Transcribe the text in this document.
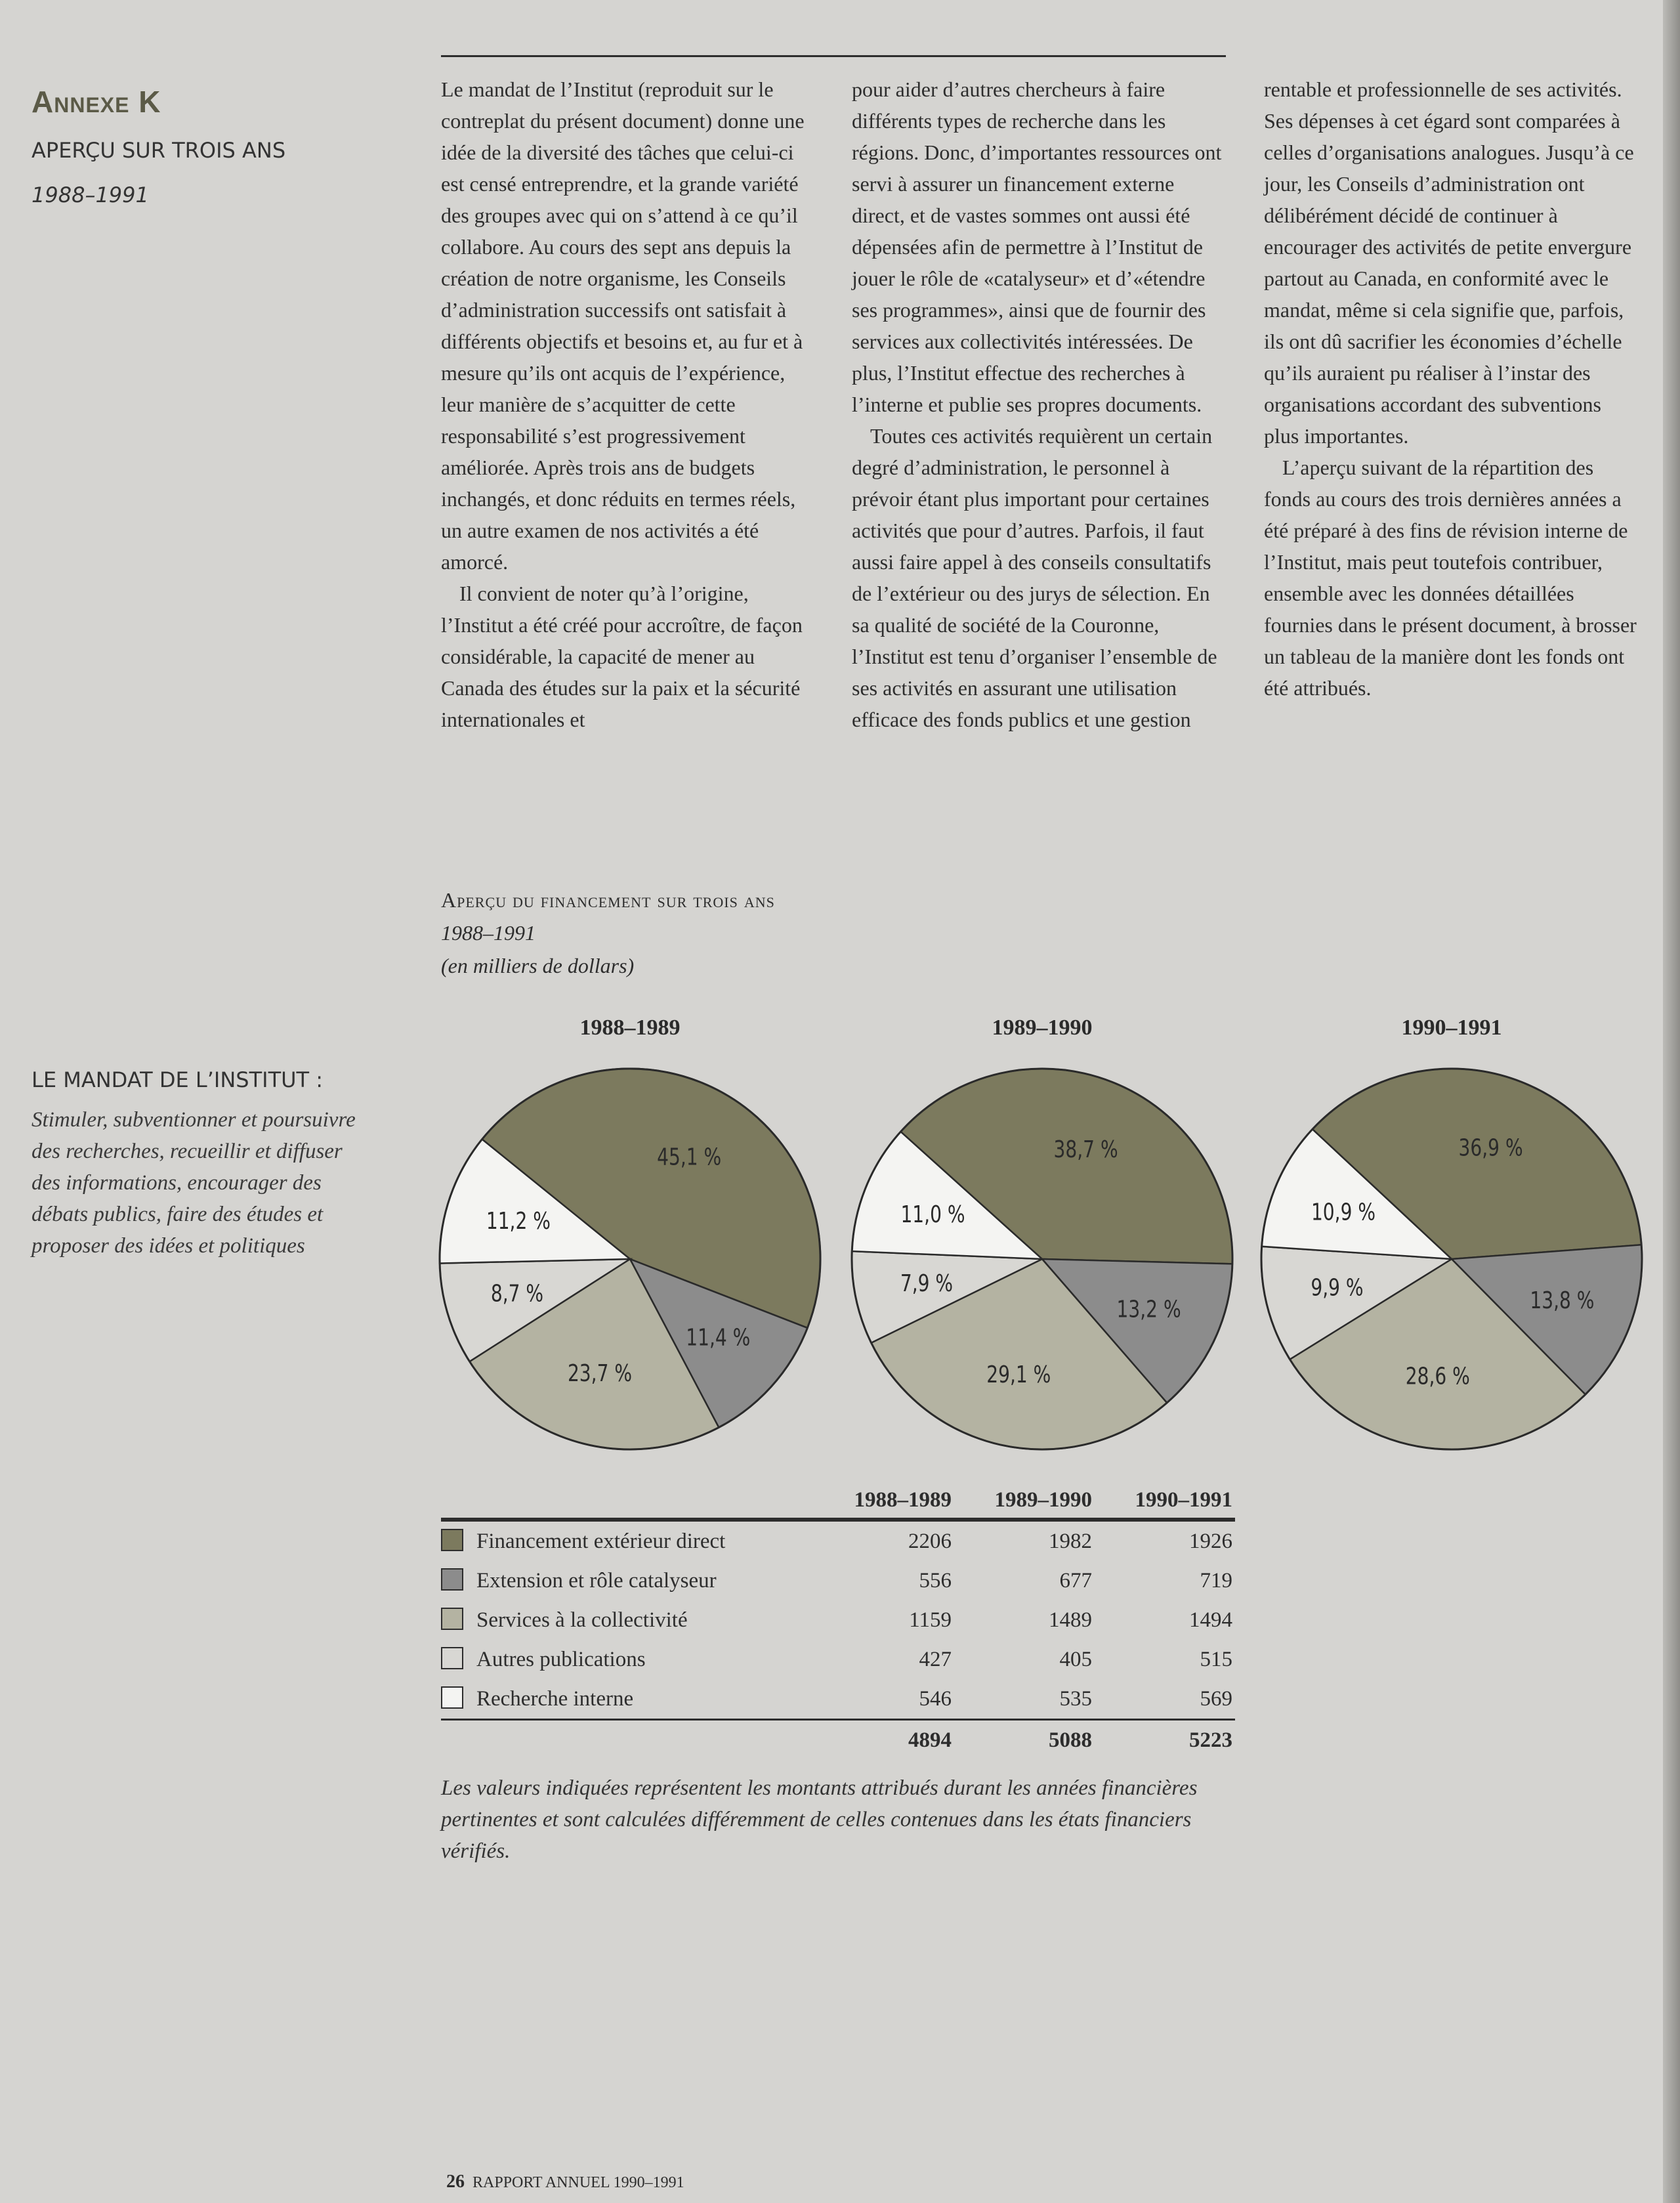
Annexe K
APERÇU SUR TROIS ANS
1988–1991
LE MANDAT DE L’INSTITUT :
Stimuler, subventionner et poursuivre
des recherches, recueillir et diffuser
des informations, encourager des
débats publics, faire des études et
proposer des idées et politiques

Le mandat de l’Institut (reproduit sur le contreplat du présent document) donne une idée de la diversité des tâches que celui-ci est censé entreprendre, et la grande variété des groupes avec qui on s’attend à ce qu’il collabore. Au cours des sept ans depuis la création de notre organisme, les Conseils d’administration successifs ont satisfait à différents objectifs et besoins et, au fur et à mesure qu’ils ont acquis de l’expérience, leur manière de s’acquitter de cette responsabilité s’est progressivement améliorée. Après trois ans de budgets inchangés, et donc réduits en termes réels, un autre examen de nos activités a été amorcé.

Il convient de noter qu’à l’origine, l’Institut a été créé pour accroître, de façon considérable, la capacité de mener au Canada des études sur la paix et la sécurité internationales et

pour aider d’autres chercheurs à faire différents types de recherche dans les régions. Donc, d’importantes ressources ont servi à assurer un financement externe direct, et de vastes sommes ont aussi été dépensées afin de permettre à l’Institut de jouer le rôle de «catalyseur» et d’«étendre ses programmes», ainsi que de fournir des services aux collectivités intéressées. De plus, l’Institut effectue des recherches à l’interne et publie ses propres documents.

Toutes ces activités requièrent un certain degré d’administration, le personnel à prévoir étant plus important pour certaines activités que pour d’autres. Parfois, il faut aussi faire appel à des conseils consultatifs de l’extérieur ou des jurys de sélection. En sa qualité de société de la Couronne, l’Institut est tenu d’organiser l’ensemble de ses activités en assurant une utilisation efficace des fonds publics et une gestion

rentable et professionnelle de ses activités. Ses dépenses à cet égard sont comparées à celles d’organisations analogues. Jusqu’à ce jour, les Conseils d’administration ont délibérément décidé de continuer à encourager des activités de petite envergure partout au Canada, en conformité avec le mandat, même si cela signifie que, parfois, ils ont dû sacrifier les économies d’échelle qu’ils auraient pu réaliser à l’instar des organisations accordant des subventions plus importantes.

L’aperçu suivant de la répartition des fonds au cours des trois dernières années a été préparé à des fins de révision interne de l’Institut, mais peut toutefois contribuer, ensemble avec les données détaillées fournies dans le présent document, à brosser un tableau de la manière dont les fonds ont été attribués.

Aperçu du financement sur trois ans
1988–1991
(en milliers de dollars)
1988–1989
45,1 %
11,4 %
23,7 %
8,7 %
11,2 %
1989–1990
38,7 %
13,2 %
29,1 %
7,9 %
11,0 %
1990–1991
36,9 %
13,8 %
28,6 %
9,9 %
10,9 %
	1988–1989	1989–1990	1990–1991
Financement extérieur direct	2206	1982	1926
Extension et rôle catalyseur	556	677	719
Services à la collectivité	1159	1489	1494
Autres publications	427	405	515
Recherche interne	546	535	569
	4894	5088	5223
Les valeurs indiquées représentent les montants attribués durant les années financières pertinentes et sont calculées différemment de celles contenues dans les états financiers vérifiés.
26 RAPPORT ANNUEL 1990–1991
